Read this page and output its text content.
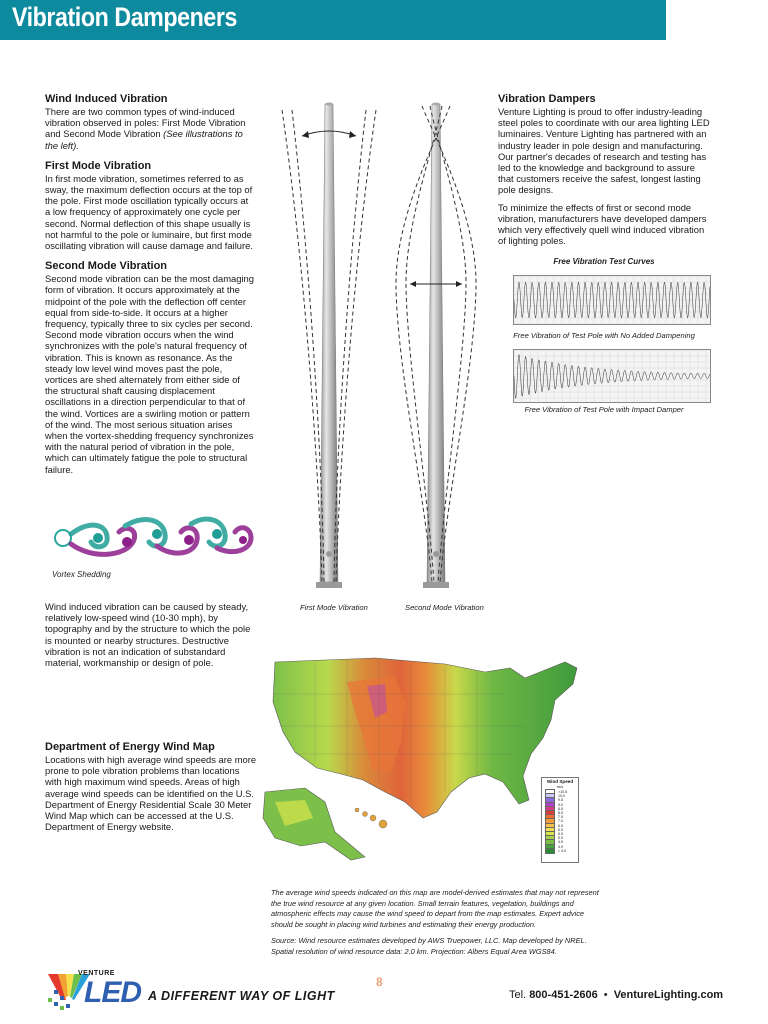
Vibration Dampeners

Wind Induced Vibration

There are two common types of wind-induced vibration observed in poles: First Mode Vibration and Second Mode Vibration (See illustrations to the left).

First Mode Vibration

In first mode vibration, sometimes referred to as sway, the maximum deflection occurs at the top of the pole. First mode oscillation typically occurs at a low frequency of approximately one cycle per second. Normal deflection of this shape usually is not harmful to the pole or luminaire, but first mode oscillating vibration will cause damage and failure.

Second Mode Vibration

Second mode vibration can be the most damaging form of vibration. It occurs approximately at the midpoint of the pole with the deflection off center equal from side-to-side. It occurs at a higher frequency, typically three to six cycles per second. Second mode vibration occurs when the wind synchronizes with the pole's natural frequency of vibration. This is known as resonance. As the steady low level wind moves past the pole, vortices are shed alternately from either side of the structural shaft causing displacement oscillations in a direction perpendicular to that of the wind. Vortices are a swirling motion or pattern of the wind. The most serious situation arises when the vortex-shedding frequency synchronizes with the natural period of vibration in the pole, which can ultimately fatigue the pole to structural failure.

Vortex Shedding

Wind induced vibration can be caused by steady, relatively low-speed wind (10-30 mph), by topography and by the structure to which the pole is mounted or nearby structures. Destructive vibration is not an indication of substandard material, workmanship or design of pole.

Department of Energy Wind Map

Locations with high average wind speeds are more prone to pole vibration problems than locations with high maximum wind speeds. Areas of high average wind speeds can be identified on the U.S. Department of Energy Residential Scale 30 Meter Wind Map which can be accessed at the U.S. Department of Energy website.

First Mode Vibration	Second Mode Vibration

Vibration Dampers

Venture Lighting is proud to offer industry-leading steel poles to coordinate with our area lighting LED luminaires. Venture Lighting has partnered with an industry leader in pole design and manufacturing. Our partner's decades of research and testing has led to the knowledge and background to assure that customers receive the safest, longest lasting pole designs.

To minimize the effects of first or second mode vibration, manufacturers have developed dampers which very effectively quell wind induced vibration of lighting poles.

Free Vibration Test Curves
Free Vibration of Test Pole with No Added Dampening
Free Vibration of Test Pole with Impact Damper
Wind Speed
m/s
>10.5
10.0
9.5
9.0
8.5
8.0
7.5
7.0
6.5
6.0
5.5
5.0
4.5
4.0
< 4.0

The average wind speeds indicated on this map are model-derived estimates that may not represent the true wind resource at any given location. Small terrain features, vegetation, buildings and atmospheric effects may cause the wind speed to depart from the map estimates. Expert advice should be sought in placing wind turbines and estimating their energy production.

Source: Wind resource estimates developed by AWS Truepower, LLC. Map developed by NREL. Spatial resolution of wind resource data: 2.0 km. Projection: Albers Equal Area WGS84.

8
VENTURE
LED A DIFFERENT WAY OF LIGHT	Tel. 800-451-2606 • VentureLighting.com
